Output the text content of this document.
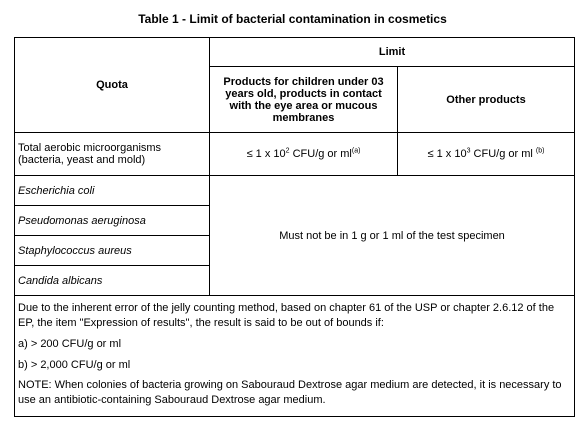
Table 1 - Limit of bacterial contamination in cosmetics
Quota	Limit	
	Products for children under 03 years old, products in contact with the eye area or mucous membranes	Other products
Total aerobic microorganisms (bacteria, yeast and mold)	≤ 1 x $10^2$ CFU/g or $ml^{(a)}$	≤ 1 x $10^3$ CFU/g or ml $^{(b)}$
Escherichia coli	Must not be in 1 g or 1 ml of the test specimen	
Pseudomonas aeruginosa		
Staphylococcus aureus		
Candida albicans		

Due to the inherent error of the jelly counting method, based on chapter 61 of the USP or chapter 2.6.12 of the EP, the item "Expression of results", the result is said to be out of bounds if:

a) > 200 CFU/g or ml

b) > 2,000 CFU/g or ml

NOTE: When colonies of bacteria growing on Sabouraud Dextrose agar medium are detected, it is necessary to use an antibiotic-containing Sabouraud Dextrose agar medium.		
